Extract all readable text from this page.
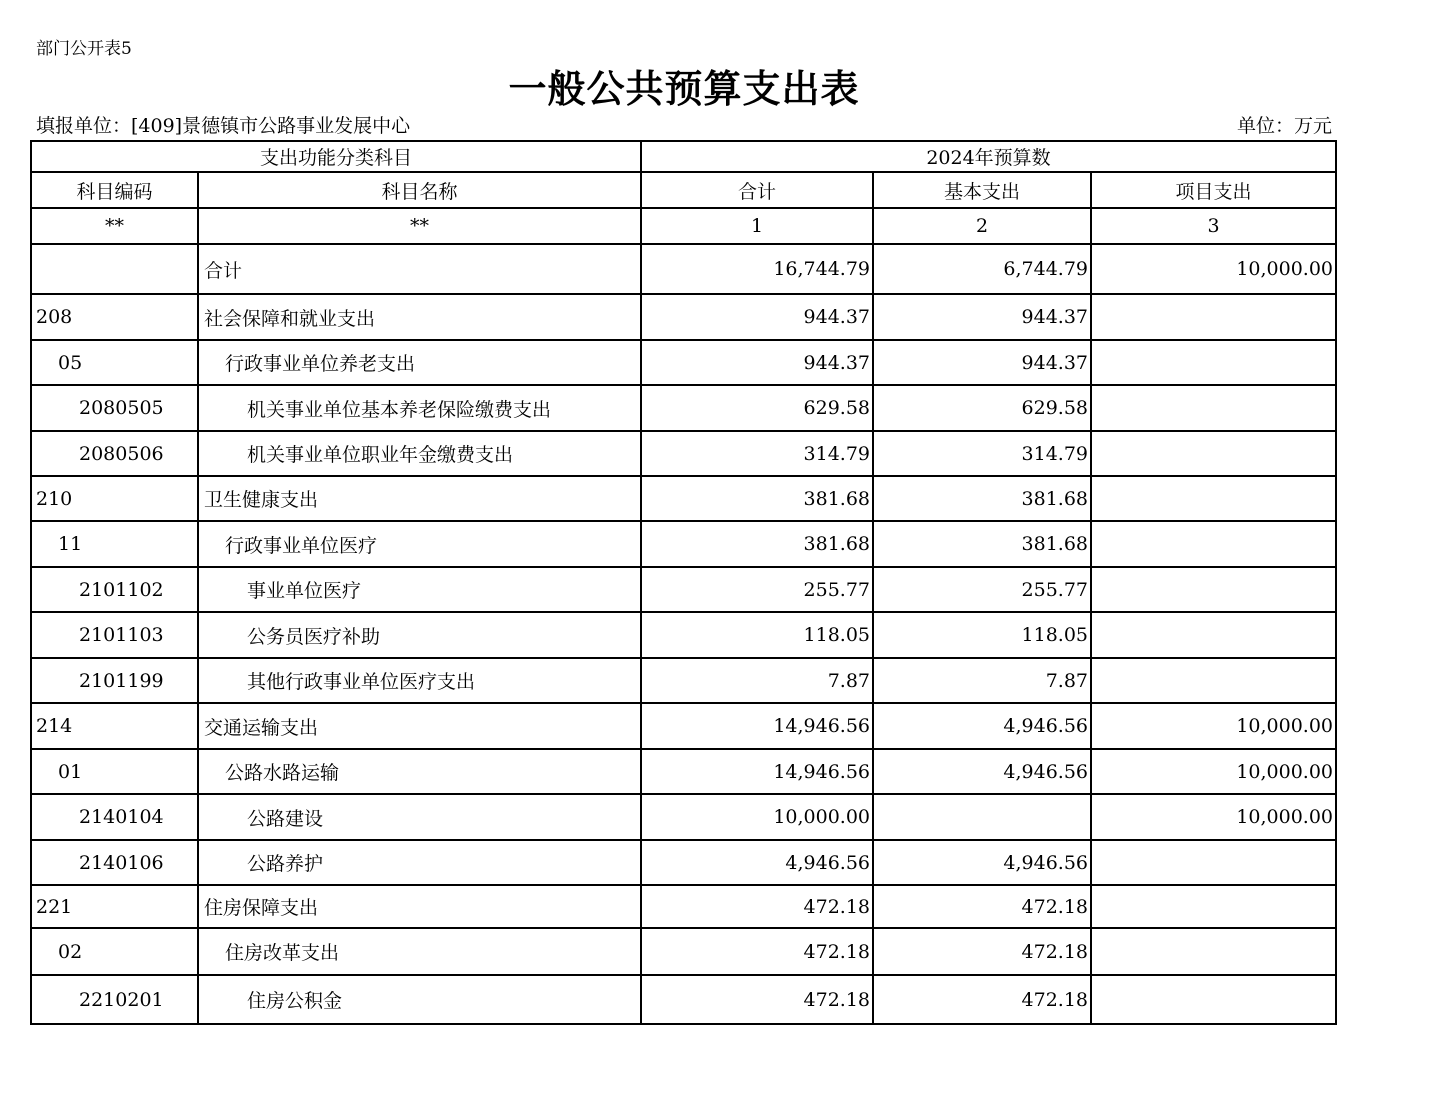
部门公开表5
一般公共预算支出表
填报单位：[409]景德镇市公路事业发展中心	单位：万元
支出功能分类科目		2024年预算数		
科目编码	科目名称	合计	基本支出	项目支出
**	**	1	2	3
	合计	16,744.79	6,744.79	10,000.00
208	社会保障和就业支出	944.37	944.37	
05	行政事业单位养老支出	944.37	944.37	
2080505	机关事业单位基本养老保险缴费支出	629.58	629.58	
2080506	机关事业单位职业年金缴费支出	314.79	314.79	
210	卫生健康支出	381.68	381.68	
11	行政事业单位医疗	381.68	381.68	
2101102	事业单位医疗	255.77	255.77	
2101103	公务员医疗补助	118.05	118.05	
2101199	其他行政事业单位医疗支出	7.87	7.87	
214	交通运输支出	14,946.56	4,946.56	10,000.00
01	公路水路运输	14,946.56	4,946.56	10,000.00
2140104	公路建设	10,000.00		10,000.00
2140106	公路养护	4,946.56	4,946.56	
221	住房保障支出	472.18	472.18	
02	住房改革支出	472.18	472.18	
2210201	住房公积金	472.18	472.18	
